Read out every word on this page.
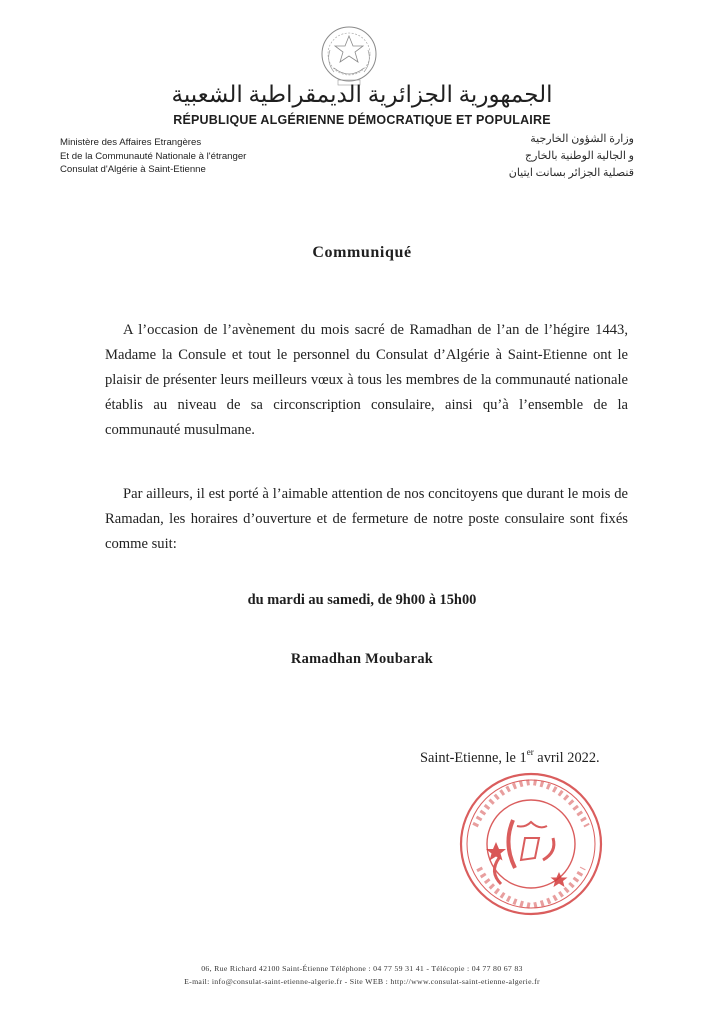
الجمهورية الجزائرية الديمقراطية الشعبية
RÉPUBLIQUE ALGÉRIENNE DÉMOCRATIQUE ET POPULAIRE
Ministère des Affaires Etrangères
Et de la Communauté Nationale à l'étranger
Consulat d'Algérie à Saint-Etienne
وزارة الشؤون الخارجية
و الجالية الوطنية بالخارج
قنصلية الجزائر بسانت ايتيان
Communiqué
A l’occasion de l’avènement du mois sacré de Ramadhan de l’an de l’hégire 1443, Madame la Consule et tout le personnel du Consulat d’Algérie à Saint-Etienne ont le plaisir de présenter leurs meilleurs vœux à tous les membres de la communauté nationale établis au niveau de sa circonscription consulaire, ainsi qu’à l’ensemble de la communauté musulmane.
Par ailleurs, il est porté à l’aimable attention de nos concitoyens que durant le mois de Ramadan, les horaires d’ouverture et de fermeture de notre poste consulaire sont fixés comme suit:
du mardi au samedi, de 9h00 à 15h00
Ramadhan Moubarak
Saint-Etienne, le 1er avril 2022.
06, Rue Richard 42100 Saint-Étienne Téléphone : 04 77 59 31 41 - Télécopie : 04 77 80 67 83
E-mail: info@consulat-saint-etienne-algerie.fr - Site WEB : http://www.consulat-saint-etienne-algerie.fr
